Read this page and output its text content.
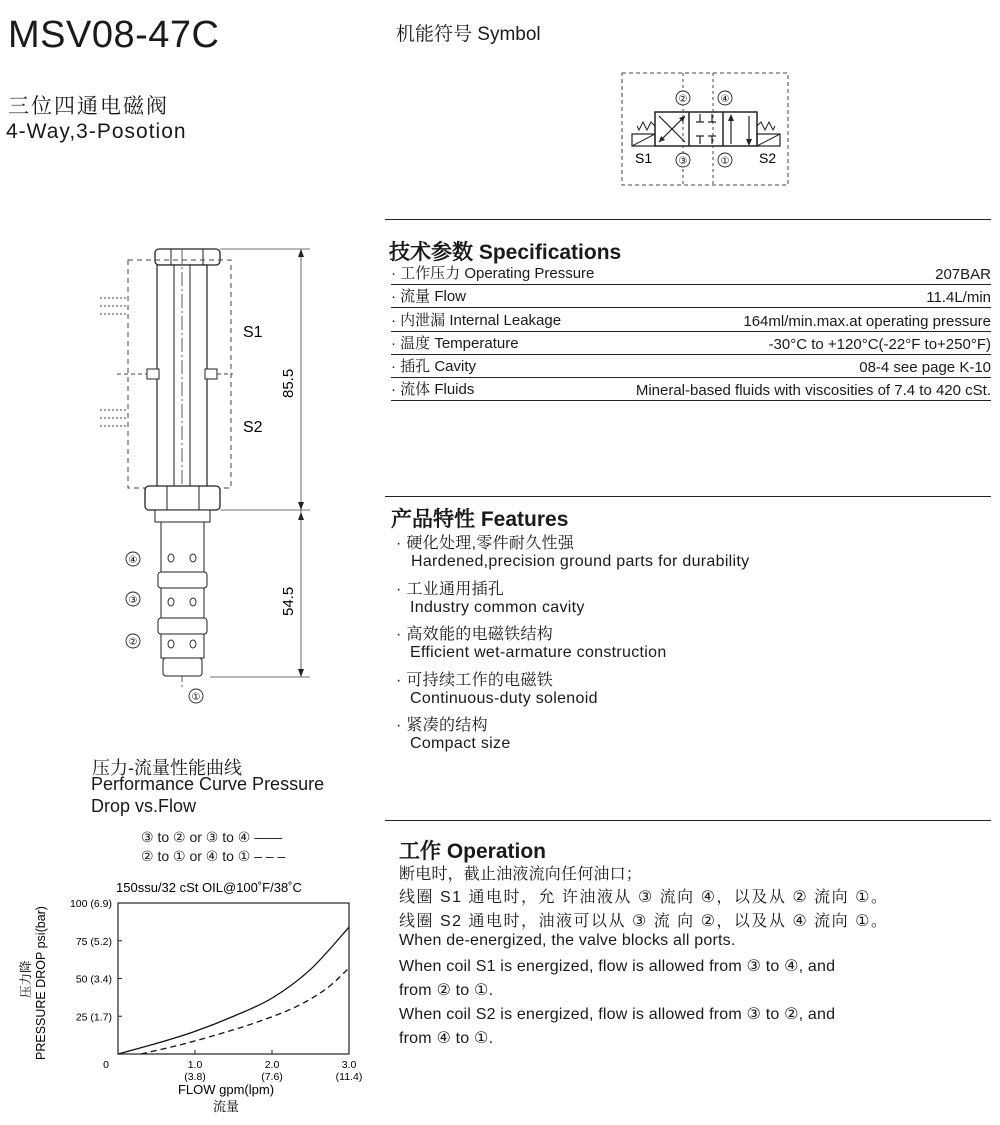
MSV08-47C
三位四通电磁阀
4-Way,3-Posotion
机能符号 Symbol
②	④
③	①
S1	S2
S1
S2
85.5
54.5
④
③
②
①
技术参数 Specifications
· 工作压力 Operating Pressure	207BAR
· 流量 Flow	11.4L/min
· 内泄漏 Internal Leakage	164ml/min.max.at operating pressure
· 温度 Temperature	-30°C to +120°C(-22°F to+250°F)
· 插孔 Cavity	08-4 see page K-10
· 流体 Fluids	Mineral-based fluids with viscosities of 7.4 to 420 cSt.
产品特性 Features
· 硬化处理,零件耐久性强
Hardened,precision ground parts for durability
· 工业通用插孔
Industry common cavity
· 高效能的电磁铁结构
Efficient wet-armature construction
· 可持续工作的电磁铁
Continuous-duty solenoid
· 紧凑的结构
Compact size
工作 Operation
断电时，截止油液流向任何油口；
线圈 S1 通电时，允 许油液从 ③ 流向 ④，以及从 ② 流向 ①。
线圈 S2 通电时，油液可以从 ③ 流 向 ②，以及从 ④ 流向 ①。
When de-energized, the valve blocks all ports.
When coil S1 is energized, flow is allowed from ③ to ④, and
from ② to ①.
When coil S2 is energized, flow is allowed from ③ to ②, and
from ④ to ①.
压力-流量性能曲线
Performance Curve Pressure
Drop vs.Flow
③ to ② or ③ to ④ ——
② to ① or ④ to ① – – –
150ssu/32 cSt OIL@100˚F/38˚C
25 (1.7)
50 (3.4)
75 (5.2)
100 (6.9)
0	1.0
(3.8)
2.0
(7.6)
3.0
(11.4)
PRESSURE DROP psi(bar)
压力降
FLOW gpm(lpm)
流量
